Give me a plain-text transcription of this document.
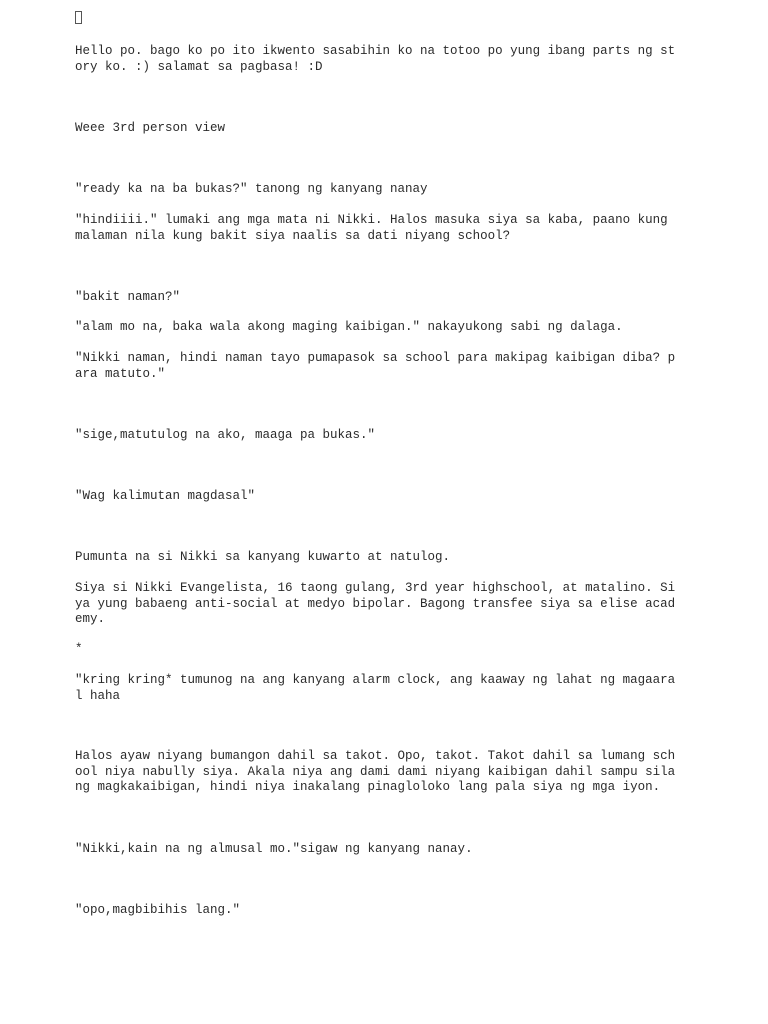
Hello po. bago ko po ito ikwento sasabihin ko na totoo po yung ibang parts ng st
ory ko. :) salamat sa pagbasa! :D

Weee 3rd person view

"ready ka na ba bukas?" tanong ng kanyang nanay

"hindiiii." lumaki ang mga mata ni Nikki. Halos masuka siya sa kaba, paano kung
malaman nila kung bakit siya naalis sa dati niyang school?

"bakit naman?"

"alam mo na, baka wala akong maging kaibigan." nakayukong sabi ng dalaga.

"Nikki naman, hindi naman tayo pumapasok sa school para makipag kaibigan diba? p
ara matuto."

"sige,matutulog na ako, maaga pa bukas."

"Wag kalimutan magdasal"

Pumunta na si Nikki sa kanyang kuwarto at natulog.

Siya si Nikki Evangelista, 16 taong gulang, 3rd year highschool, at matalino. Si
ya yung babaeng anti-social at medyo bipolar. Bagong transfee siya sa elise acad
emy.

*

"kring kring* tumunog na ang kanyang alarm clock, ang kaaway ng lahat ng magaara
l haha

Halos ayaw niyang bumangon dahil sa takot. Opo, takot. Takot dahil sa lumang sch
ool niya nabully siya. Akala niya ang dami dami niyang kaibigan dahil sampu sila
ng magkakaibigan, hindi niya inakalang pinagloloko lang pala siya ng mga iyon.

"Nikki,kain na ng almusal mo."sigaw ng kanyang nanay.

"opo,magbibihis lang."
